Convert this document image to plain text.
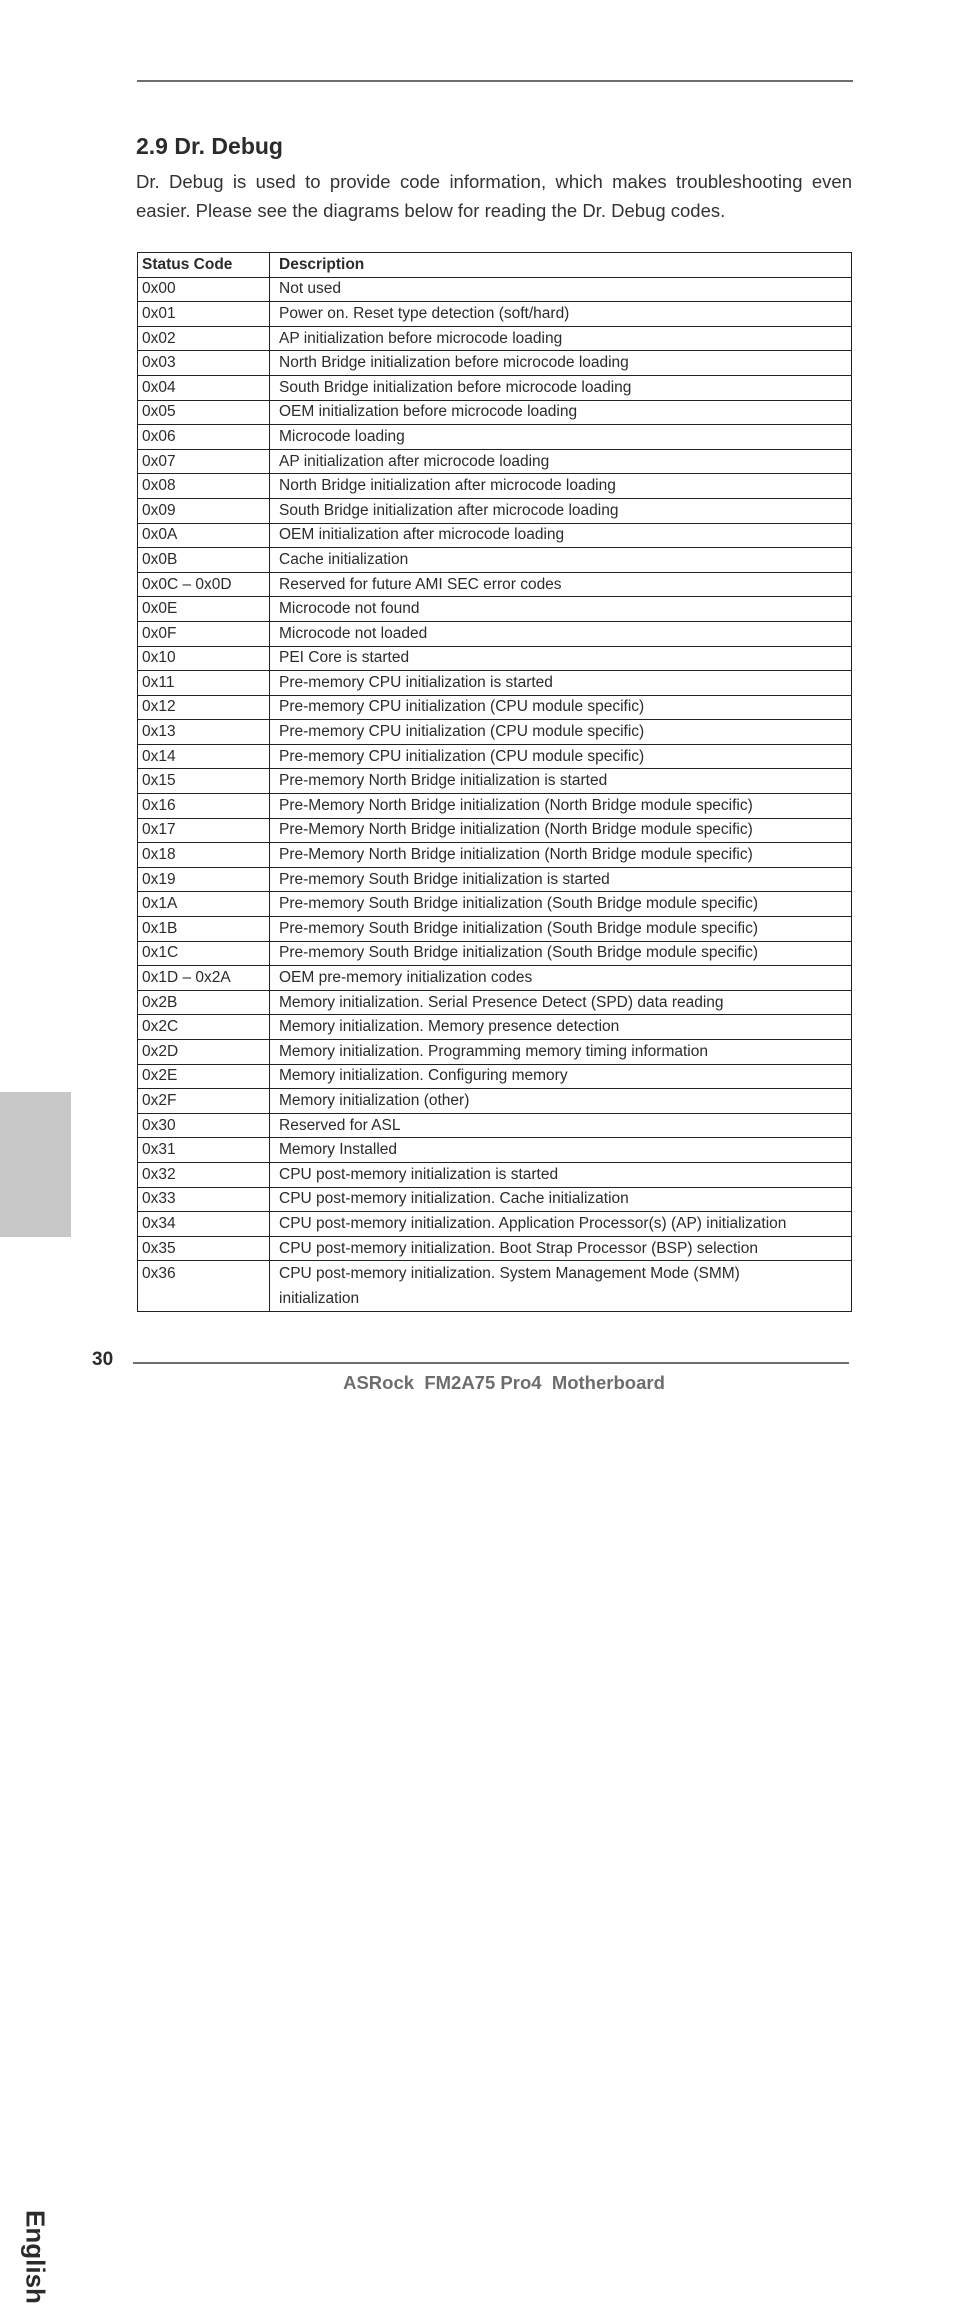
2.9 Dr. Debug

Dr. Debug is used to provide code information, which makes troubleshooting even easier. Please see the diagrams below for reading the Dr. Debug codes.

Status Code	Description
0x00	Not used
0x01	Power on. Reset type detection (soft/hard)
0x02	AP initialization before microcode loading
0x03	North Bridge initialization before microcode loading
0x04	South Bridge initialization before microcode loading
0x05	OEM initialization before microcode loading
0x06	Microcode loading
0x07	AP initialization after microcode loading
0x08	North Bridge initialization after microcode loading
0x09	South Bridge initialization after microcode loading
0x0A	OEM initialization after microcode loading
0x0B	Cache initialization
0x0C – 0x0D	Reserved for future AMI SEC error codes
0x0E	Microcode not found
0x0F	Microcode not loaded
0x10	PEI Core is started
0x11	Pre-memory CPU initialization is started
0x12	Pre-memory CPU initialization (CPU module specific)
0x13	Pre-memory CPU initialization (CPU module specific)
0x14	Pre-memory CPU initialization (CPU module specific)
0x15	Pre-memory North Bridge initialization is started
0x16	Pre-Memory North Bridge initialization (North Bridge module specific)
0x17	Pre-Memory North Bridge initialization (North Bridge module specific)
0x18	Pre-Memory North Bridge initialization (North Bridge module specific)
0x19	Pre-memory South Bridge initialization is started
0x1A	Pre-memory South Bridge initialization (South Bridge module specific)
0x1B	Pre-memory South Bridge initialization (South Bridge module specific)
0x1C	Pre-memory South Bridge initialization (South Bridge module specific)
0x1D – 0x2A	OEM pre-memory initialization codes
0x2B	Memory initialization. Serial Presence Detect (SPD) data reading
0x2C	Memory initialization. Memory presence detection
0x2D	Memory initialization. Programming memory timing information
0x2E	Memory initialization. Configuring memory
0x2F	Memory initialization (other)
0x30	Reserved for ASL
0x31	Memory Installed
0x32	CPU post-memory initialization is started
0x33	CPU post-memory initialization. Cache initialization
0x34	CPU post-memory initialization. Application Processor(s) (AP) initialization
0x35	CPU post-memory initialization. Boot Strap Processor (BSP) selection
0x36	CPU post-memory initialization. System Management Mode (SMM) initialization
English
30
ASRock  FM2A75 Pro4  Motherboard
